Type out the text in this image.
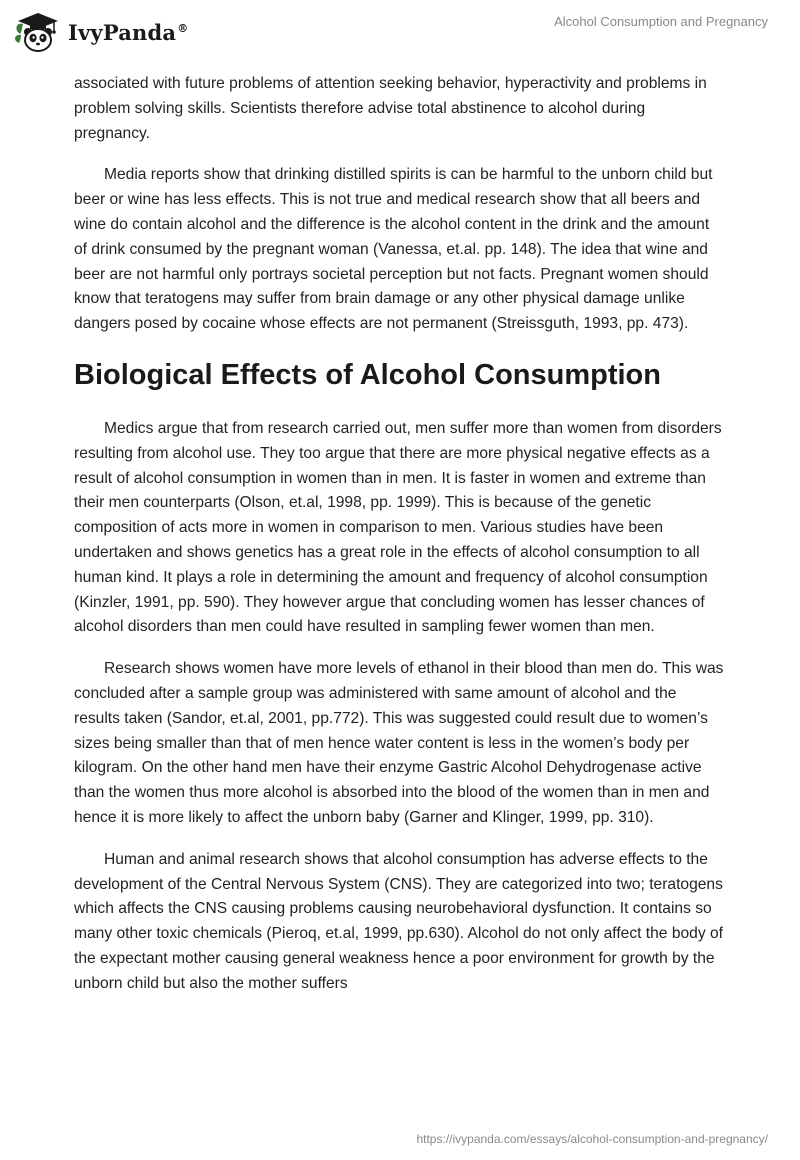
IvyPanda®	Alcohol Consumption and Pregnancy

associated with future problems of attention seeking behavior, hyperactivity and problems in problem solving skills. Scientists therefore advise total abstinence to alcohol during pregnancy.

Media reports show that drinking distilled spirits is can be harmful to the unborn child but beer or wine has less effects. This is not true and medical research show that all beers and wine do contain alcohol and the difference is the alcohol content in the drink and the amount of drink consumed by the pregnant woman (Vanessa, et.al. pp. 148). The idea that wine and beer are not harmful only portrays societal perception but not facts. Pregnant women should know that teratogens may suffer from brain damage or any other physical damage unlike dangers posed by cocaine whose effects are not permanent (Streissguth, 1993, pp. 473).

Biological Effects of Alcohol Consumption

Medics argue that from research carried out, men suffer more than women from disorders resulting from alcohol use. They too argue that there are more physical negative effects as a result of alcohol consumption in women than in men. It is faster in women and extreme than their men counterparts (Olson, et.al, 1998, pp. 1999). This is because of the genetic composition of acts more in women in comparison to men. Various studies have been undertaken and shows genetics has a great role in the effects of alcohol consumption to all human kind. It plays a role in determining the amount and frequency of alcohol consumption (Kinzler, 1991, pp. 590). They however argue that concluding women has lesser chances of alcohol disorders than men could have resulted in sampling fewer women than men.

Research shows women have more levels of ethanol in their blood than men do. This was concluded after a sample group was administered with same amount of alcohol and the results taken (Sandor, et.al, 2001, pp.772). This was suggested could result due to women’s sizes being smaller than that of men hence water content is less in the women’s body per kilogram. On the other hand men have their enzyme Gastric Alcohol Dehydrogenase active than the women thus more alcohol is absorbed into the blood of the women than in men and hence it is more likely to affect the unborn baby (Garner and Klinger, 1999, pp. 310).

Human and animal research shows that alcohol consumption has adverse effects to the development of the Central Nervous System (CNS). They are categorized into two; teratogens which affects the CNS causing problems causing neurobehavioral dysfunction. It contains so many other toxic chemicals (Pieroq, et.al, 1999, pp.630). Alcohol do not only affect the body of the expectant mother causing general weakness hence a poor environment for growth by the unborn child but also the mother suffers

https://ivypanda.com/essays/alcohol-consumption-and-pregnancy/
